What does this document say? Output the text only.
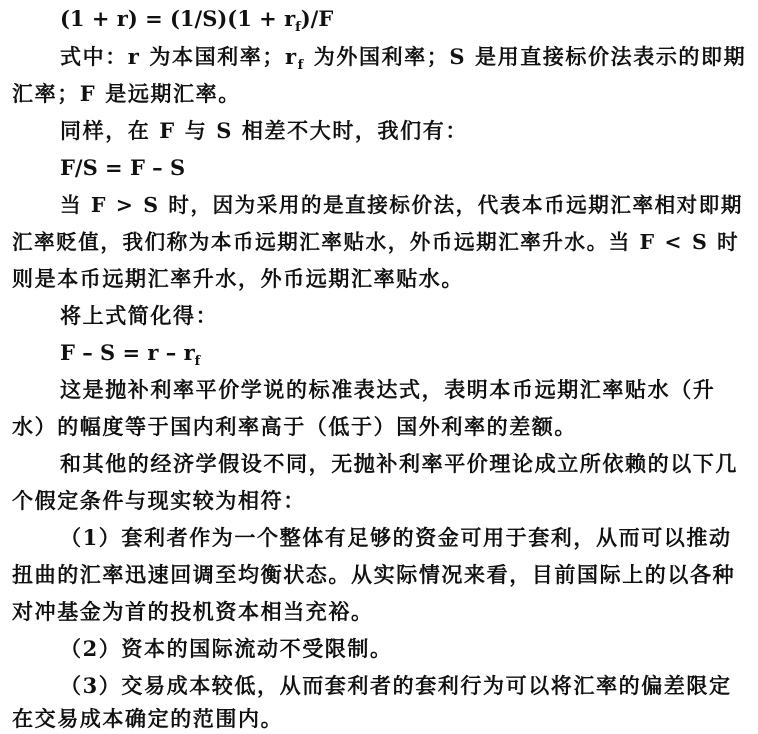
$(1 + r) = (1/S)(1 + r_f)/F$
式中：r 为本国利率；$r_f$ 为外国利率；S 是用直接标价法表示的即期
汇率；F 是远期汇率。
同样，在 F 与 S 相差不大时，我们有：
F/S = F – S
当 F > S 时，因为采用的是直接标价法，代表本币远期汇率相对即期
汇率贬值，我们称为本币远期汇率贴水，外币远期汇率升水。当 F < S 时
则是本币远期汇率升水，外币远期汇率贴水。
将上式简化得：
$F - S = r - r_f$
这是抛补利率平价学说的标准表达式，表明本币远期汇率贴水（升
水）的幅度等于国内利率高于（低于）国外利率的差额。
和其他的经济学假设不同，无抛补利率平价理论成立所依赖的以下几
个假定条件与现实较为相符：
（1）套利者作为一个整体有足够的资金可用于套利，从而可以推动
扭曲的汇率迅速回调至均衡状态。从实际情况来看，目前国际上的以各种
对冲基金为首的投机资本相当充裕。
（2）资本的国际流动不受限制。
（3）交易成本较低，从而套利者的套利行为可以将汇率的偏差限定
在交易成本确定的范围内。
